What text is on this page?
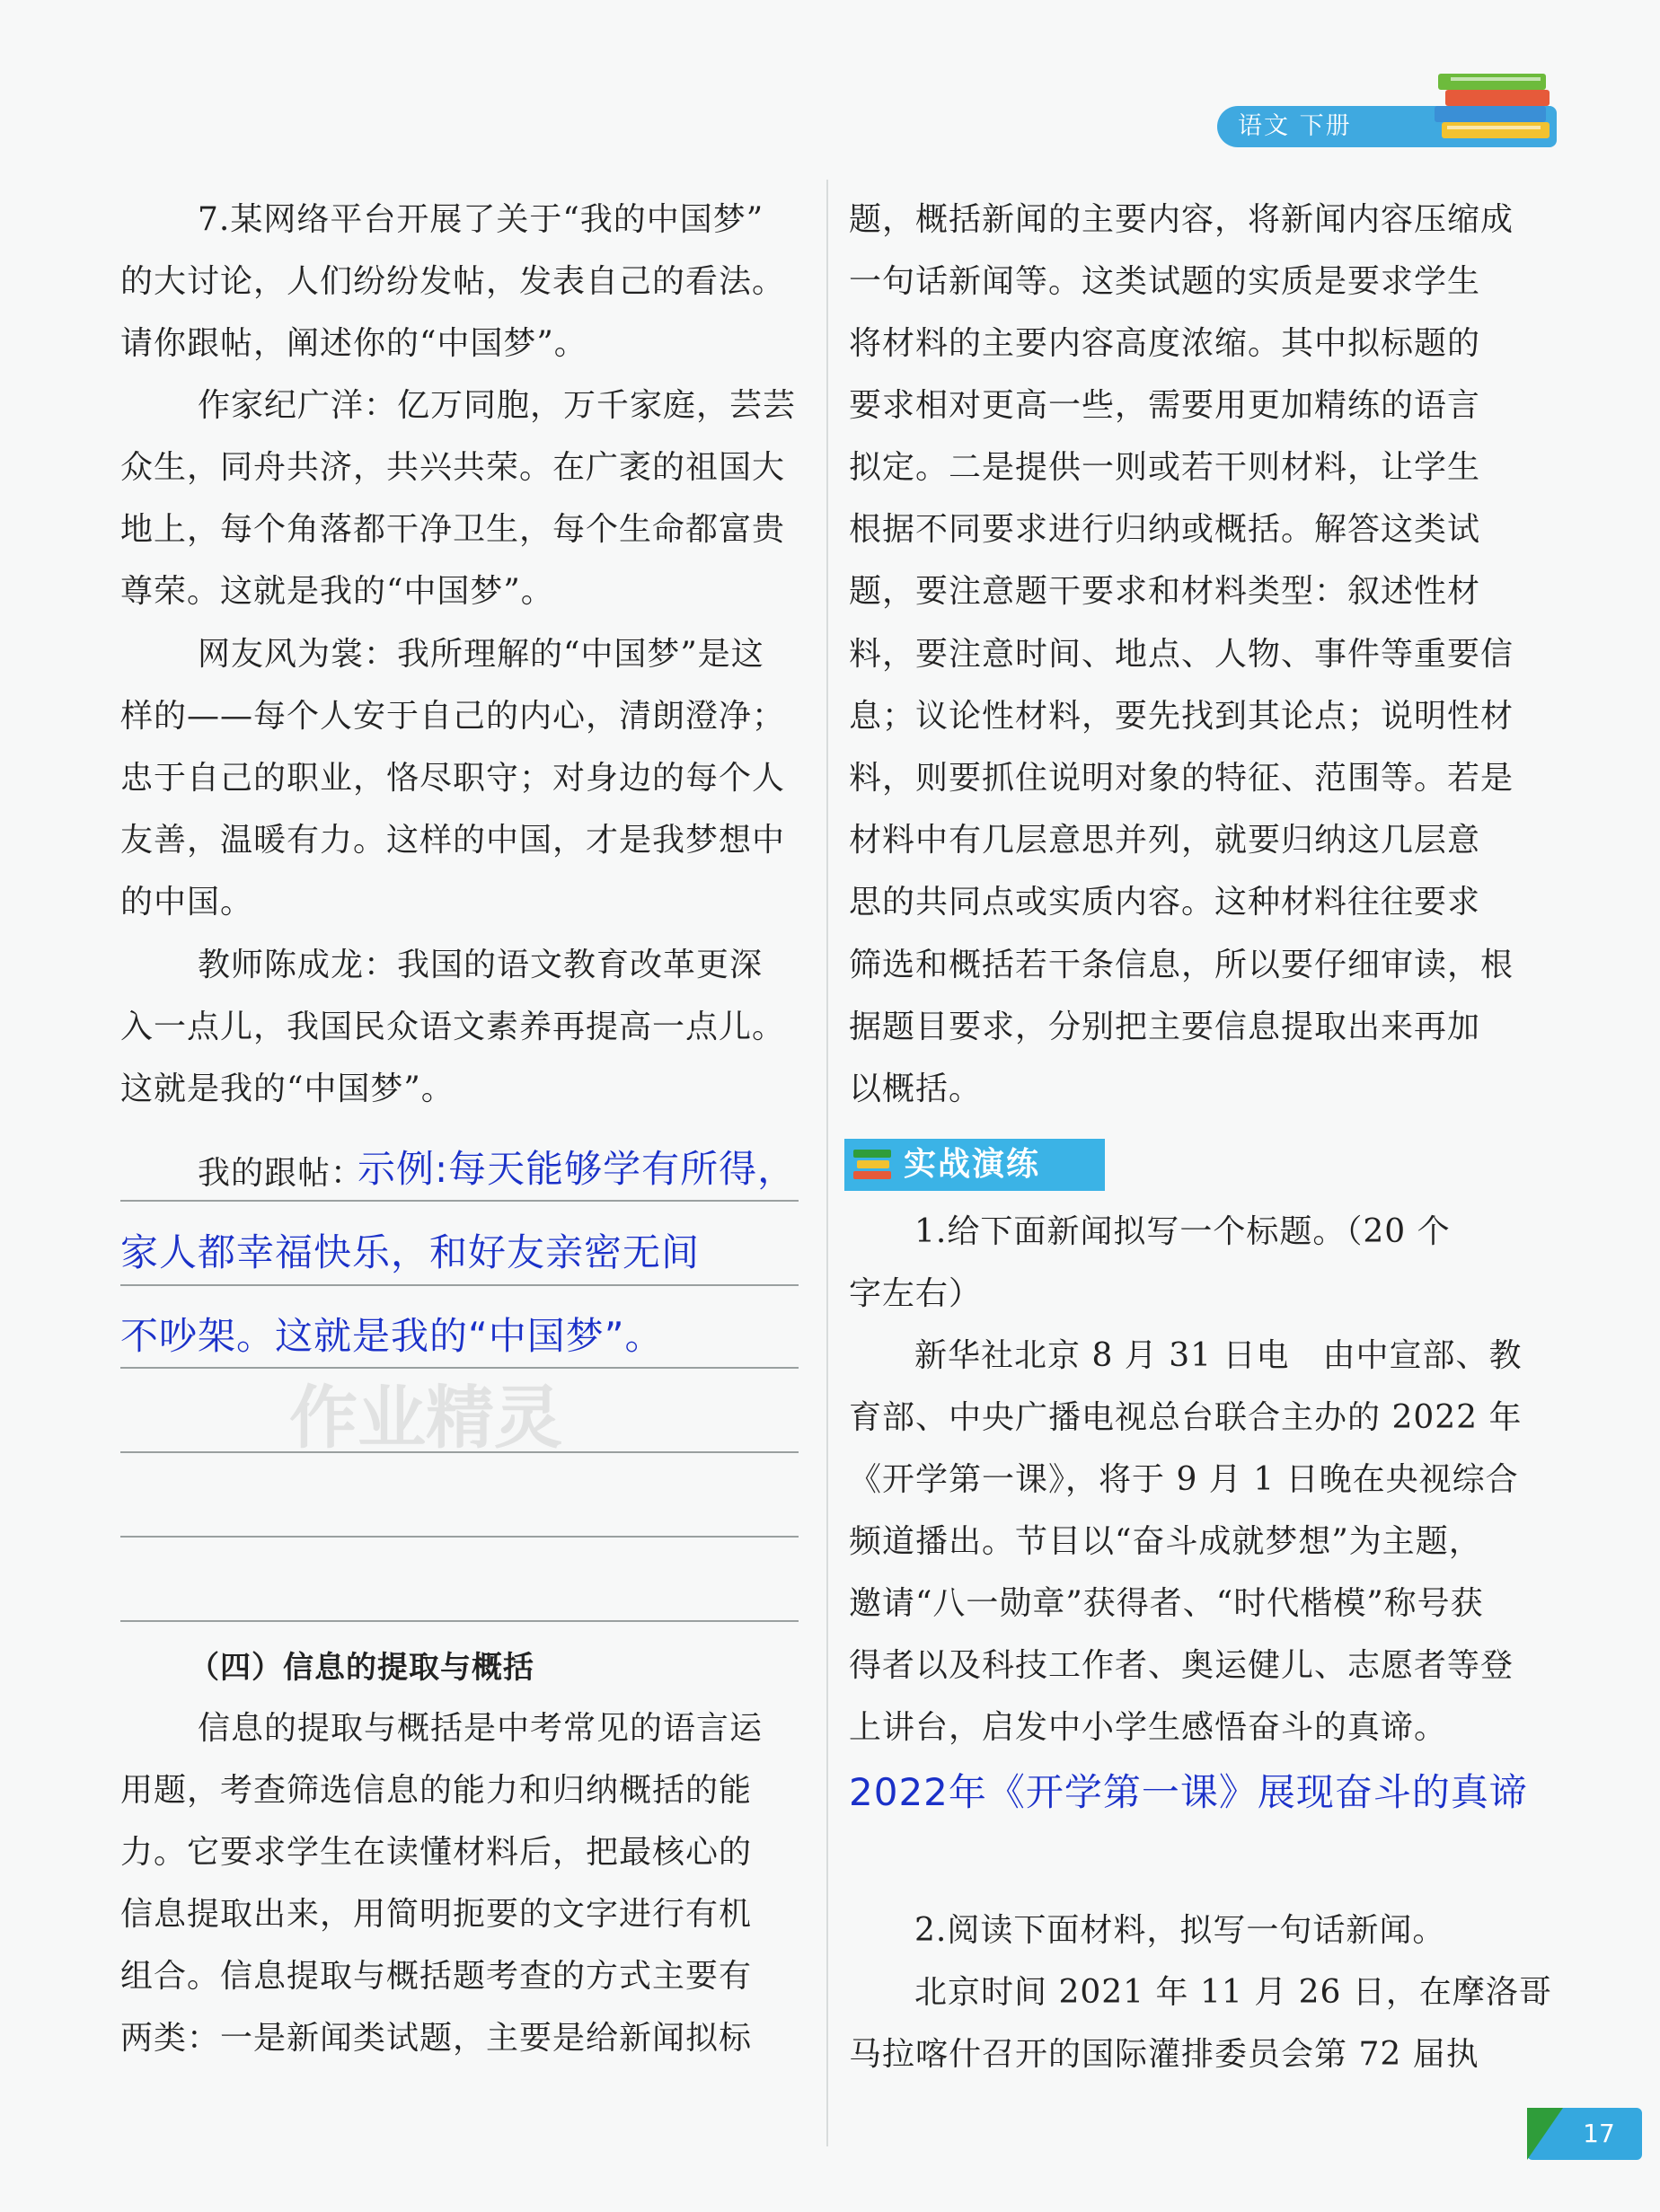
语文 下册
7.某网络平台开展了关于“我的中国梦”
的大讨论，人们纷纷发帖，发表自己的看法。
请你跟帖，阐述你的“中国梦”。
作家纪广洋：亿万同胞，万千家庭，芸芸
众生，同舟共济，共兴共荣。在广袤的祖国大
地上，每个角落都干净卫生，每个生命都富贵
尊荣。这就是我的“中国梦”。
网友风为裳：我所理解的“中国梦”是这
样的——每个人安于自己的内心，清朗澄净；
忠于自己的职业，恪尽职守；对身边的每个人
友善，温暖有力。这样的中国，才是我梦想中
的中国。
教师陈成龙：我国的语文教育改革更深
入一点儿，我国民众语文素养再提高一点儿。
这就是我的“中国梦”。
我的跟帖：
示例:每天能够学有所得，
家人都幸福快乐，和好友亲密无间
不吵架。这就是我的“中国梦”。
作业精灵
（四）信息的提取与概括
信息的提取与概括是中考常见的语言运
用题，考查筛选信息的能力和归纳概括的能
力。它要求学生在读懂材料后，把最核心的
信息提取出来，用简明扼要的文字进行有机
组合。信息提取与概括题考查的方式主要有
两类：一是新闻类试题，主要是给新闻拟标
题，概括新闻的主要内容，将新闻内容压缩成
一句话新闻等。这类试题的实质是要求学生
将材料的主要内容高度浓缩。其中拟标题的
要求相对更高一些，需要用更加精练的语言
拟定。二是提供一则或若干则材料，让学生
根据不同要求进行归纳或概括。解答这类试
题，要注意题干要求和材料类型：叙述性材
料，要注意时间、地点、人物、事件等重要信
息；议论性材料，要先找到其论点；说明性材
料，则要抓住说明对象的特征、范围等。若是
材料中有几层意思并列，就要归纳这几层意
思的共同点或实质内容。这种材料往往要求
筛选和概括若干条信息，所以要仔细审读，根
据题目要求，分别把主要信息提取出来再加
以概括。
实战演练
1.给下面新闻拟写一个标题。（20 个
字左右）
新华社北京 8 月 31 日电　由中宣部、教
育部、中央广播电视总台联合主办的 2022 年
《开学第一课》，将于 9 月 1 日晚在央视综合
频道播出。节目以“奋斗成就梦想”为主题，
邀请“八一勋章”获得者、“时代楷模”称号获
得者以及科技工作者、奥运健儿、志愿者等登
上讲台，启发中小学生感悟奋斗的真谛。
2022年《开学第一课》展现奋斗的真谛
2.阅读下面材料，拟写一句话新闻。
北京时间 2021 年 11 月 26 日，在摩洛哥
马拉喀什召开的国际灌排委员会第 72 届执
17
